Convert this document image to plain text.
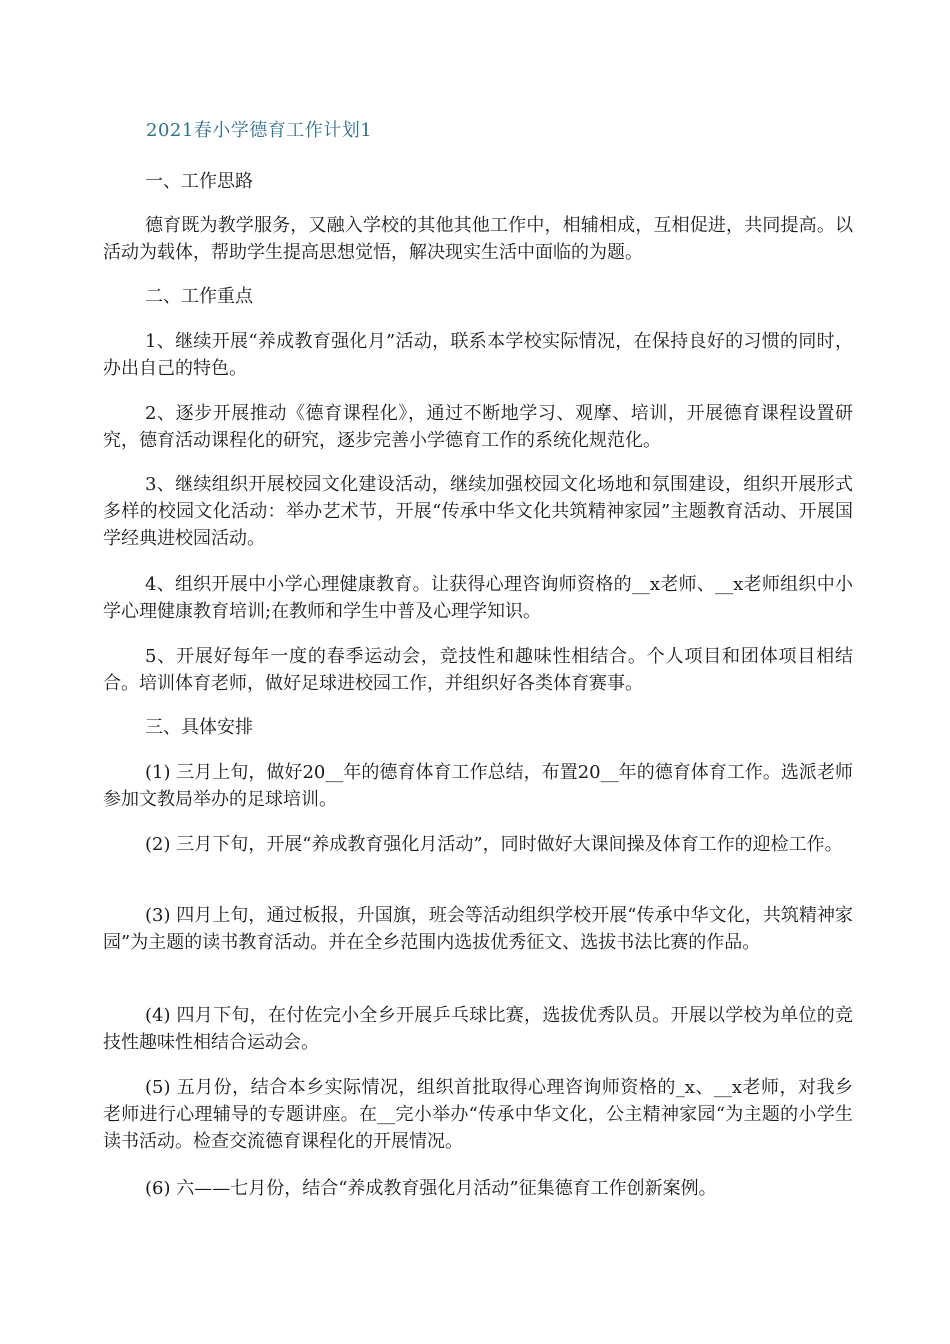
2021春小学德育工作计划1
一、工作思路

德育既为教学服务，又融入学校的其他其他工作中，相辅相成，互相促进，共同提高。以活动为载体，帮助学生提高思想觉悟，解决现实生活中面临的为题。

二、工作重点

1、继续开展“养成教育强化月”活动，联系本学校实际情况，在保持良好的习惯的同时，办出自己的特色。

2、逐步开展推动《德育课程化》，通过不断地学习、观摩、培训，开展德育课程设置研究，德育活动课程化的研究，逐步完善小学德育工作的系统化规范化。

3、继续组织开展校园文化建设活动，继续加强校园文化场地和氛围建设，组织开展形式多样的校园文化活动：举办艺术节，开展“传承中华文化共筑精神家园”主题教育活动、开展国学经典进校园活动。

4、组织开展中小学心理健康教育。让获得心理咨询师资格的__x老师、__x老师组织中小学心理健康教育培训;在教师和学生中普及心理学知识。

5、开展好每年一度的春季运动会，竞技性和趣味性相结合。个人项目和团体项目相结合。培训体育老师，做好足球进校园工作，并组织好各类体育赛事。

三、具体安排

(1) 三月上旬，做好20__年的德育体育工作总结，布置20__年的德育体育工作。选派老师参加文教局举办的足球培训。

(2) 三月下旬，开展“养成教育强化月活动”，同时做好大课间操及体育工作的迎检工作。

(3) 四月上旬，通过板报，升国旗，班会等活动组织学校开展“传承中华文化，共筑精神家园”为主题的读书教育活动。并在全乡范围内选拔优秀征文、选拔书法比赛的作品。

(4) 四月下旬，在付佐完小全乡开展乒乓球比赛，选拔优秀队员。开展以学校为单位的竞技性趣味性相结合运动会。

(5) 五月份，结合本乡实际情况，组织首批取得心理咨询师资格的_x、__x老师，对我乡老师进行心理辅导的专题讲座。在__完小举办“传承中华文化，公主精神家园“为主题的小学生读书活动。检查交流德育课程化的开展情况。

(6) 六——七月份，结合“养成教育强化月活动”征集德育工作创新案例。
